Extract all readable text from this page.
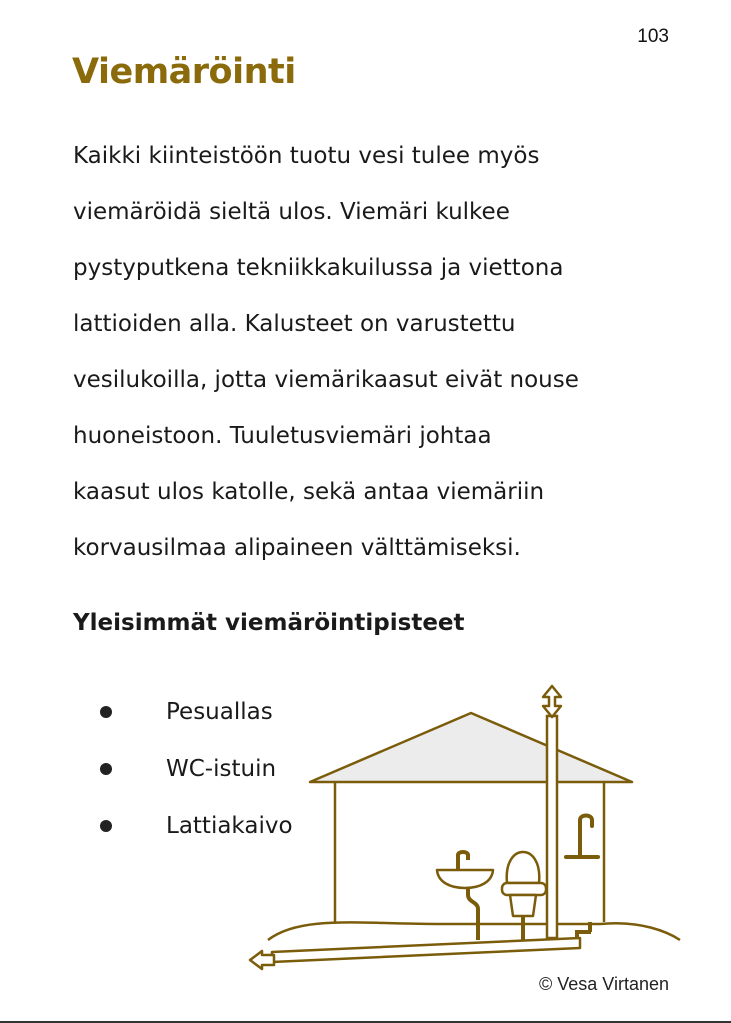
103
Viemäröinti
Kaikki kiinteistöön tuotu vesi tulee myös
viemäröidä sieltä ulos. Viemäri kulkee
pystyputkena tekniikkakuilussa ja viettona
lattioiden alla. Kalusteet on varustettu
vesilukoilla, jotta viemärikaasut eivät nouse
huoneistoon. Tuuletusviemäri johtaa
kaasut ulos katolle, sekä antaa viemäriin
korvausilmaa alipaineen välttämiseksi.
Yleisimmät viemäröintipisteet
Pesuallas
WC-istuin
Lattiakaivo
© Vesa Virtanen
